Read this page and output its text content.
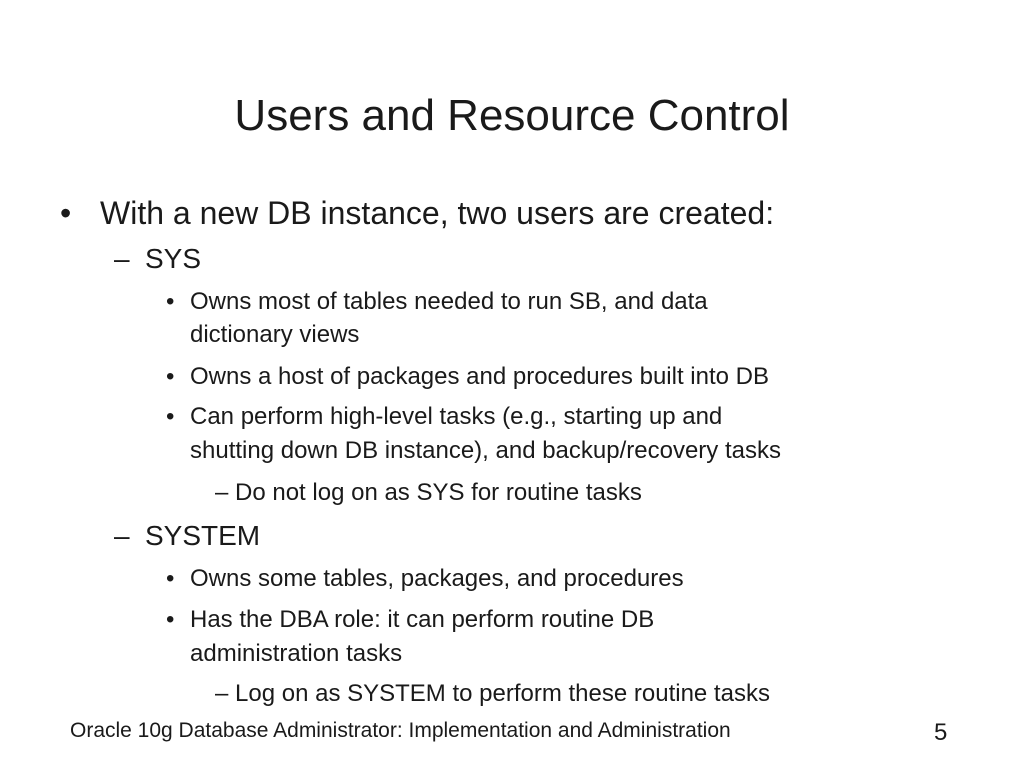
Users and Resource Control
• With a new DB instance, two users are created:
– SYS
• Owns most of tables needed to run SB, and data
dictionary views
• Owns a host of packages and procedures built into DB
• Can perform high-level tasks (e.g., starting up and
shutting down DB instance), and backup/recovery tasks
– Do not log on as SYS for routine tasks
– SYSTEM
• Owns some tables, packages, and procedures
• Has the DBA role: it can perform routine DB
administration tasks
– Log on as SYSTEM to perform these routine tasks
Oracle 10g Database Administrator: Implementation and Administration	5
